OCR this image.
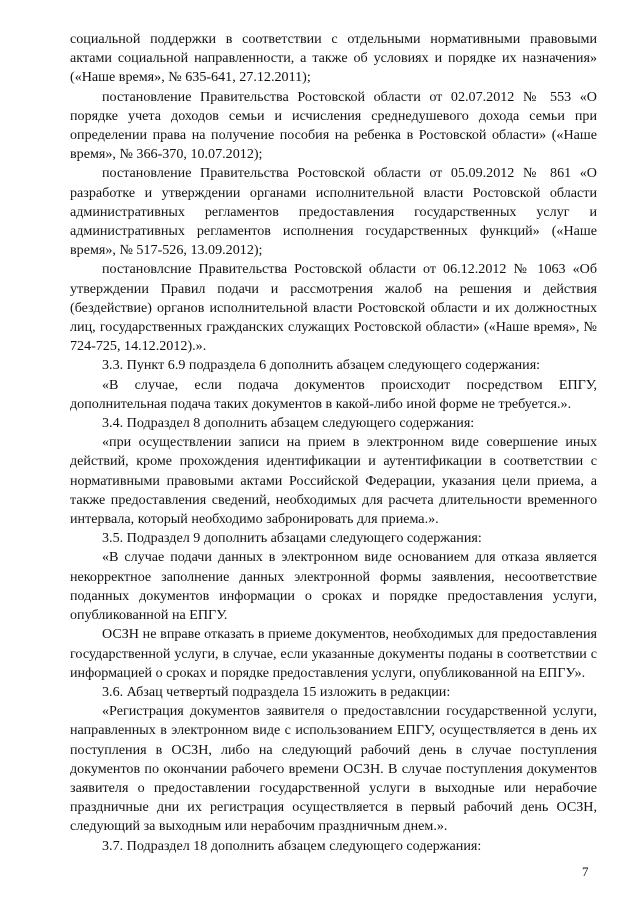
социальной поддержки в соответствии с отдельными нормативными правовыми актами социальной направленности, а также об условиях и порядке их назначения» («Наше время», № 635-641, 27.12.2011);

постановление Правительства Ростовской области от 02.07.2012 № 553 «О порядке учета доходов семьи и исчисления среднедушевого дохода семьи при определении права на получение пособия на ребенка в Ростовской области» («Наше время», № 366-370, 10.07.2012);

постановление Правительства Ростовской области от 05.09.2012 № 861 «О разработке и утверждении органами исполнительной власти Ростовской области административных регламентов предоставления государственных услуг и административных регламентов исполнения государственных функций» («Наше время», № 517-526, 13.09.2012);

постановлсние Правительства Ростовской области от 06.12.2012 № 1063 «Об утверждении Правил подачи и рассмотрения жалоб на решения и действия (бездействие) органов исполнительной власти Ростовской области и их должностных лиц, государственных гражданских служащих Ростовской области» («Наше время», № 724-725, 14.12.2012).».

3.3. Пункт 6.9 подраздела 6 дополнить абзацем следующего содержания:

«В случае, если подача документов происходит посредством ЕПГУ, дополнительная подача таких документов в какой-либо иной форме не требуется.».

3.4. Подраздел 8 дополнить абзацем следующего содержания:

«при осуществлении записи на прием в электронном виде совершение иных действий, кроме прохождения идентификации и аутентификации в соответствии с нормативными правовыми актами Российской Федерации, указания цели приема, а также предоставления сведений, необходимых для расчета длительности временного интервала, который необходимо забронировать для приема.».

3.5. Подраздел 9 дополнить абзацами следующего содержания:

«В случае подачи данных в электронном виде основанием для отказа является некорректное заполнение данных электронной формы заявления, несоответствие поданных документов информации о сроках и порядке предоставления услуги, опубликованной на ЕПГУ.

ОСЗН не вправе отказать в приеме документов, необходимых для предоставления государственной услуги, в случае, если указанные документы поданы в соответствии с информацией о сроках и порядке предоставления услуги, опубликованной на ЕПГУ».

3.6. Абзац четвертый подраздела 15 изложить в редакции:

«Регистрация документов заявителя о предоставлснии государственной услуги, направленных в электронном виде с использованием ЕПГУ, осуществляется в день их поступления в ОСЗН, либо на следующий рабочий день в случае поступления документов по окончании рабочего времени ОСЗН. В случае поступления документов заявителя о предоставлении государственной услуги в выходные или нерабочие праздничные дни их регистрация осуществляется в первый рабочий день ОСЗН, следующий за выходным или нерабочим праздничным днем.».

3.7. Подраздел 18 дополнить абзацем следующего содержания:

7
